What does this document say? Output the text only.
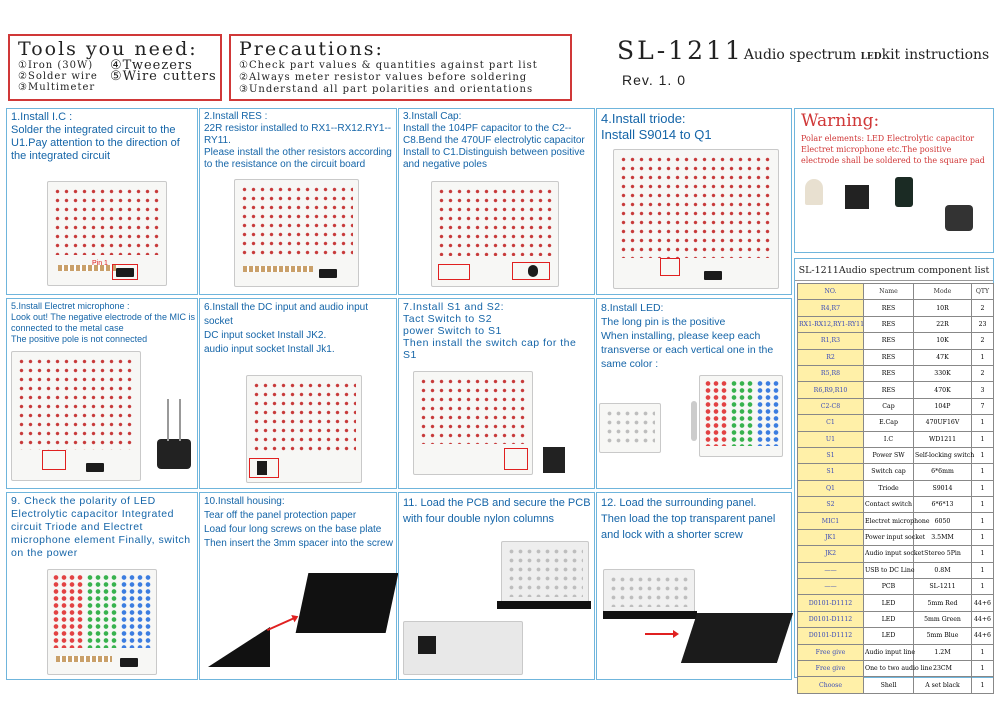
Tools you need:
①Iron (30W)	④Tweezers
②Solder wire ⑤Wire cutters
③Multimeter
Precautions:
①Check part values & quantities against part list
②Always meter resistor values before soldering
③Understand all part polarities and orientations
SL-1211Audio spectrum LEDkit instructions
Rev. 1. 0
1.Install I.C :
Solder the integrated circuit to the U1.Pay attention to the direction of the integrated circuit
Pin 1
2.Install RES :
22R resistor installed to RX1--RX12.RY1--RY11.
Please install the other resistors according to the resistance on the circuit board
3.Install Cap:
Install the 104PF capacitor to the C2--C8.Bend the 470UF electrolytic capacitor Install to C1.Distinguish between positive and negative poles
4.Install triode:
Install S9014 to Q1
5.Install Electret microphone :
Look out! The negative electrode of the MIC is connected to the metal case
The positive pole is not connected
6.Install the DC input and audio input socket
DC input socket Install JK2.
audio input socket Install Jk1.
7.Install S1 and S2:
Tact Switch to S2
power Switch to S1
Then install the switch cap for the S1
8.Install LED:
The long pin is the positive
When installing, please keep each transverse or each vertical one in the same color :
9. Check the polarity of LED Electrolytic capacitor Integrated circuit Triode and Electret microphone element Finally, switch on the power
10.Install housing:
Tear off the panel protection paper
Load four long screws on the base plate
Then insert the 3mm spacer into the screw
11. Load the PCB and secure the PCB with four double nylon columns
12. Load the surrounding panel.
Then load the top transparent panel and lock with a shorter screw
Warning:
Polar elements: LED Electrolytic capacitor Electret microphone etc.The positive electrode shall be soldered to the square pad
SL-1211Audio spectrum component list
NO.	Name	Mode	QTY
R4,R7	RES	10R	2
RX1-RX12,RY1-RY11	RES	22R	23
R1,R3	RES	10K	2
R2	RES	47K	1
R5,R8	RES	330K	2
R6,R9,R10	RES	470K	3
C2-C8	Cap	104P	7
C1	E.Cap	470UF16V	1
U1	I.C	WD1211	1
S1	Power SW	Self-locking switch	1
S1	Switch cap	6*6mm	1
Q1	Triode	S9014	1
S2	Contact switch	6*6*13	1
MIC1	Electret microphone	6050	1
JK1	Power input socket	3.5MM	1
JK2	Audio input socket	Stereo 5Pin	1
——	USB to DC Line	0.8M	1
——	PCB	SL-1211	1
D0101-D1112	LED	5mm Red	44+6
D0101-D1112	LED	5mm Green	44+6
D0101-D1112	LED	5mm Blue	44+6
Free give	Audio input line	1.2M	1
Free give	One to two audio line	23CM	1
Choose	Shell	A set black	1
